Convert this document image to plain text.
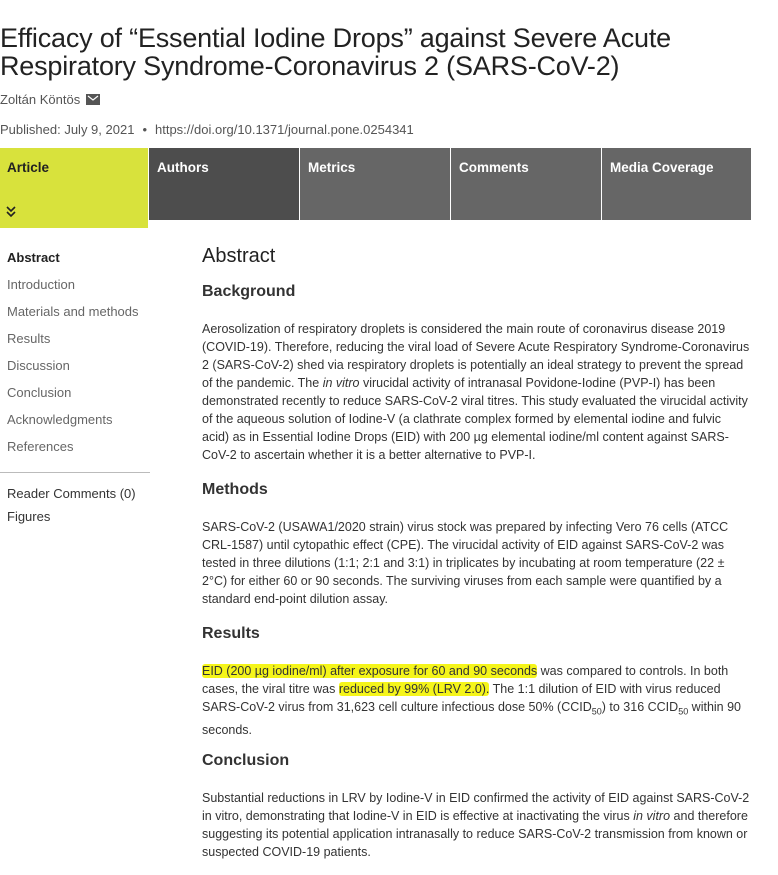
Efficacy of “Essential Iodine Drops” against Severe Acute Respiratory Syndrome-Coronavirus 2 (SARS-CoV-2)
Zoltán Köntös
Published: July 9, 2021 • https://doi.org/10.1371/journal.pone.0254341
Article	Authors	Metrics	Comments	Media Coverage
Abstract
Introduction
Materials and methods
Results
Discussion
Conclusion
Acknowledgments
References
Reader Comments (0)
Figures
Abstract
Background

Aerosolization of respiratory droplets is considered the main route of coronavirus disease 2019 (COVID-19). Therefore, reducing the viral load of Severe Acute Respiratory Syndrome-Coronavirus 2 (SARS-CoV-2) shed via respiratory droplets is potentially an ideal strategy to prevent the spread of the pandemic. The in vitro virucidal activity of intranasal Povidone-Iodine (PVP-I) has been demonstrated recently to reduce SARS-CoV-2 viral titres. This study evaluated the virucidal activity of the aqueous solution of Iodine-V (a clathrate complex formed by elemental iodine and fulvic acid) as in Essential Iodine Drops (EID) with 200 µg elemental iodine/ml content against SARS-CoV-2 to ascertain whether it is a better alternative to PVP-I.

Methods

SARS-CoV-2 (USAWA1/2020 strain) virus stock was prepared by infecting Vero 76 cells (ATCC CRL-1587) until cytopathic effect (CPE). The virucidal activity of EID against SARS-CoV-2 was tested in three dilutions (1:1; 2:1 and 3:1) in triplicates by incubating at room temperature (22 ± 2°C) for either 60 or 90 seconds. The surviving viruses from each sample were quantified by a standard end-point dilution assay.

Results

EID (200 µg iodine/ml) after exposure for 60 and 90 seconds was compared to controls. In both cases, the viral titre was reduced by 99% (LRV 2.0). The 1:1 dilution of EID with virus reduced SARS-CoV-2 virus from 31,623 cell culture infectious dose 50% $(CCID_{50})$ to 316 $CCID_{50}$ within 90 seconds.

Conclusion

Substantial reductions in LRV by Iodine-V in EID confirmed the activity of EID against SARS-CoV-2 in vitro, demonstrating that Iodine-V in EID is effective at inactivating the virus in vitro and therefore suggesting its potential application intranasally to reduce SARS-CoV-2 transmission from known or suspected COVID-19 patients.
